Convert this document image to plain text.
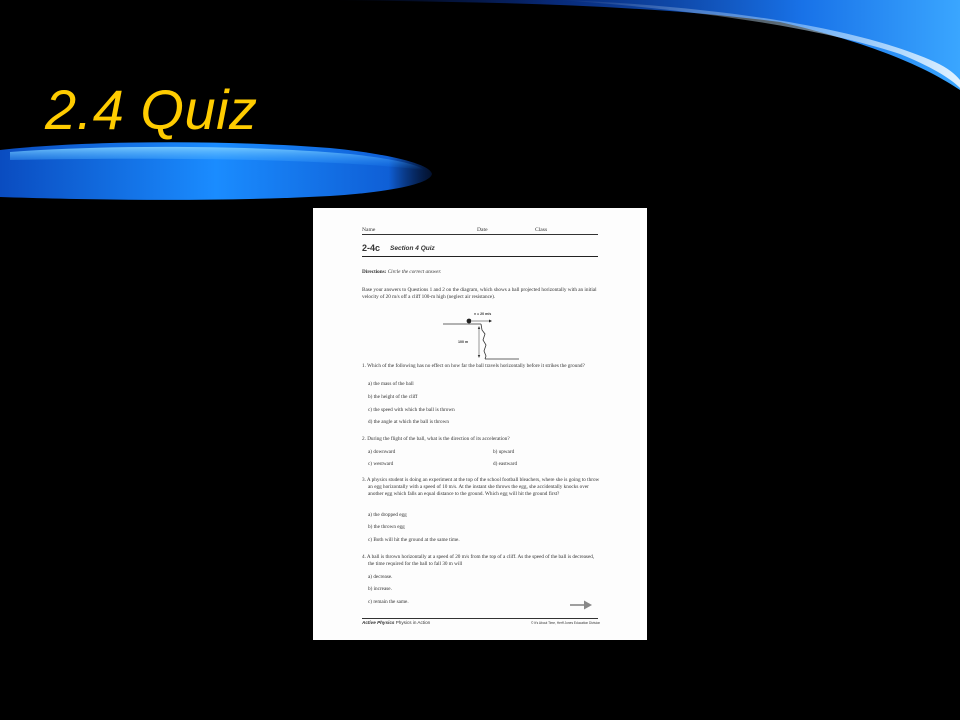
2.4 Quiz
Name	Date	Class
2-4c Section 4 Quiz
Directions: Circle the correct answer.
Base your answers to Questions 1 and 2 on the diagram, which shows a ball projected horizontally with an initial velocity of 20 m/s off a cliff 100-m high (neglect air resistance).
v = 20 m/s
100 m
1. Which of the following has no effect on how far the ball travels horizontally before it strikes the ground?
a) the mass of the ball
b) the height of the cliff
c) the speed with which the ball is thrown
d) the angle at which the ball is thrown
2. During the flight of the ball, what is the direction of its acceleration?
a) downward	b) upward
c) westward	d) eastward
3. A physics student is doing an experiment at the top of the school football bleachers, where she is going to throw an egg horizontally with a speed of 10 m/s. At the instant she throws the egg, she accidentally knocks over another egg which falls an equal distance to the ground. Which egg will hit the ground first?
a) the dropped egg
b) the thrown egg
c) Both will hit the ground at the same time.
4. A ball is thrown horizontally at a speed of 20 m/s from the top of a cliff. As the speed of the ball is decreased, the time required for the ball to fall 30 m will
a) decrease.
b) increase.
c) remain the same.
Active Physics Physics in Action	© It's About Time, Herff Jones Education Division
